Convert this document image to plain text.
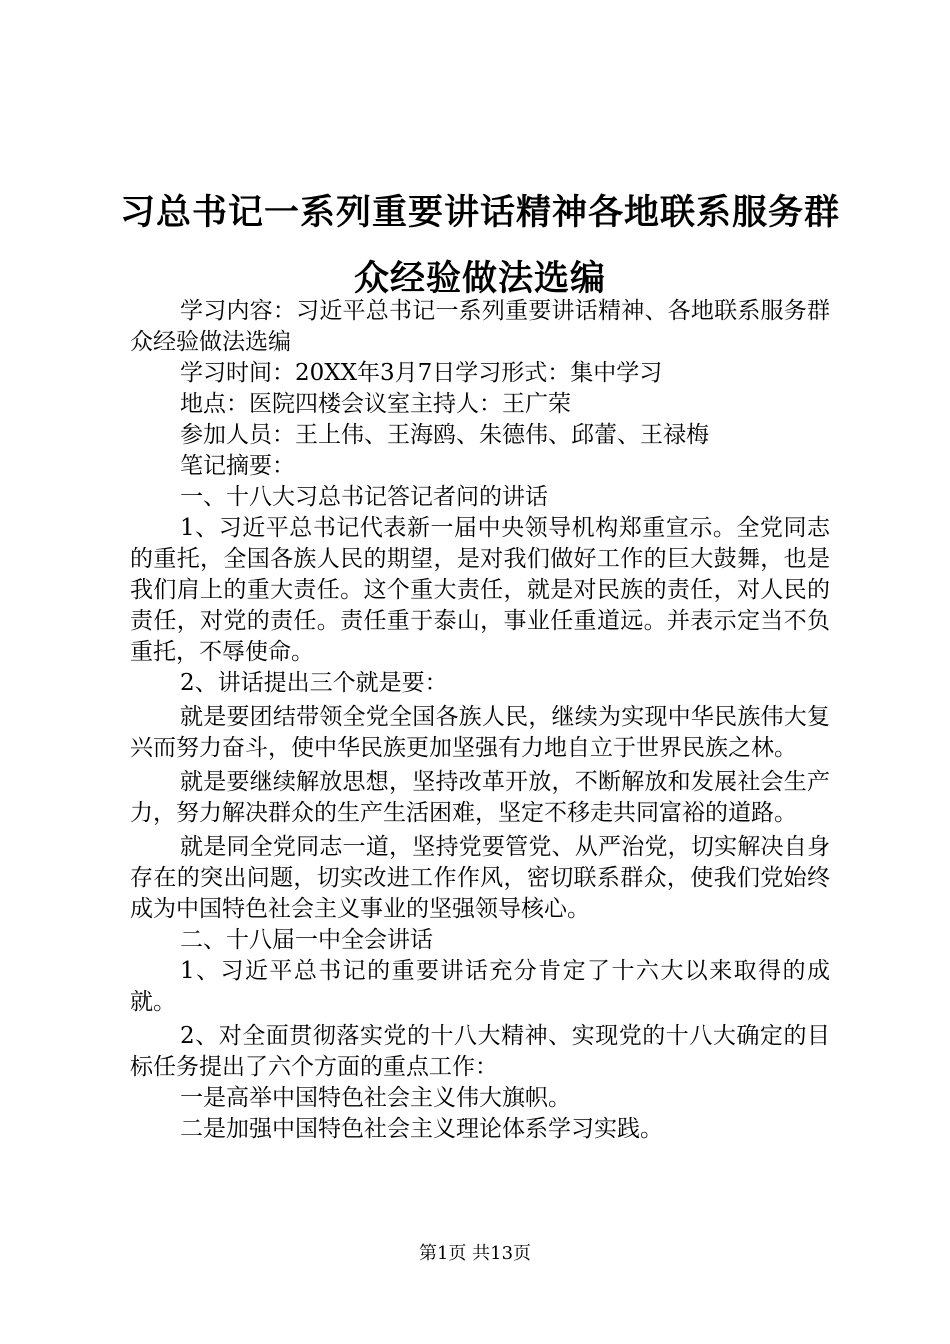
习总书记一系列重要讲话精神各地联系服务群众经验做法选编

学习内容：习近平总书记一系列重要讲话精神、各地联系服务群众经验做法选编

学习时间：20XX年3月7日学习形式：集中学习

地点：医院四楼会议室主持人：王广荣

参加人员：王上伟、王海鸥、朱德伟、邱蕾、王禄梅

笔记摘要：

一、十八大习总书记答记者问的讲话

1、习近平总书记代表新一届中央领导机构郑重宣示。全党同志的重托，全国各族人民的期望，是对我们做好工作的巨大鼓舞，也是我们肩上的重大责任。这个重大责任，就是对民族的责任，对人民的责任，对党的责任。责任重于泰山，事业任重道远。并表示定当不负重托，不辱使命。

2、讲话提出三个就是要：

就是要团结带领全党全国各族人民，继续为实现中华民族伟大复兴而努力奋斗，使中华民族更加坚强有力地自立于世界民族之林。

就是要继续解放思想，坚持改革开放，不断解放和发展社会生产力，努力解决群众的生产生活困难，坚定不移走共同富裕的道路。

就是同全党同志一道，坚持党要管党、从严治党，切实解决自身存在的突出问题，切实改进工作作风，密切联系群众，使我们党始终成为中国特色社会主义事业的坚强领导核心。

二、十八届一中全会讲话

1、习近平总书记的重要讲话充分肯定了十六大以来取得的成就。

2、对全面贯彻落实党的十八大精神、实现党的十八大确定的目标任务提出了六个方面的重点工作：

一是高举中国特色社会主义伟大旗帜。

二是加强中国特色社会主义理论体系学习实践。

第1页 共13页
